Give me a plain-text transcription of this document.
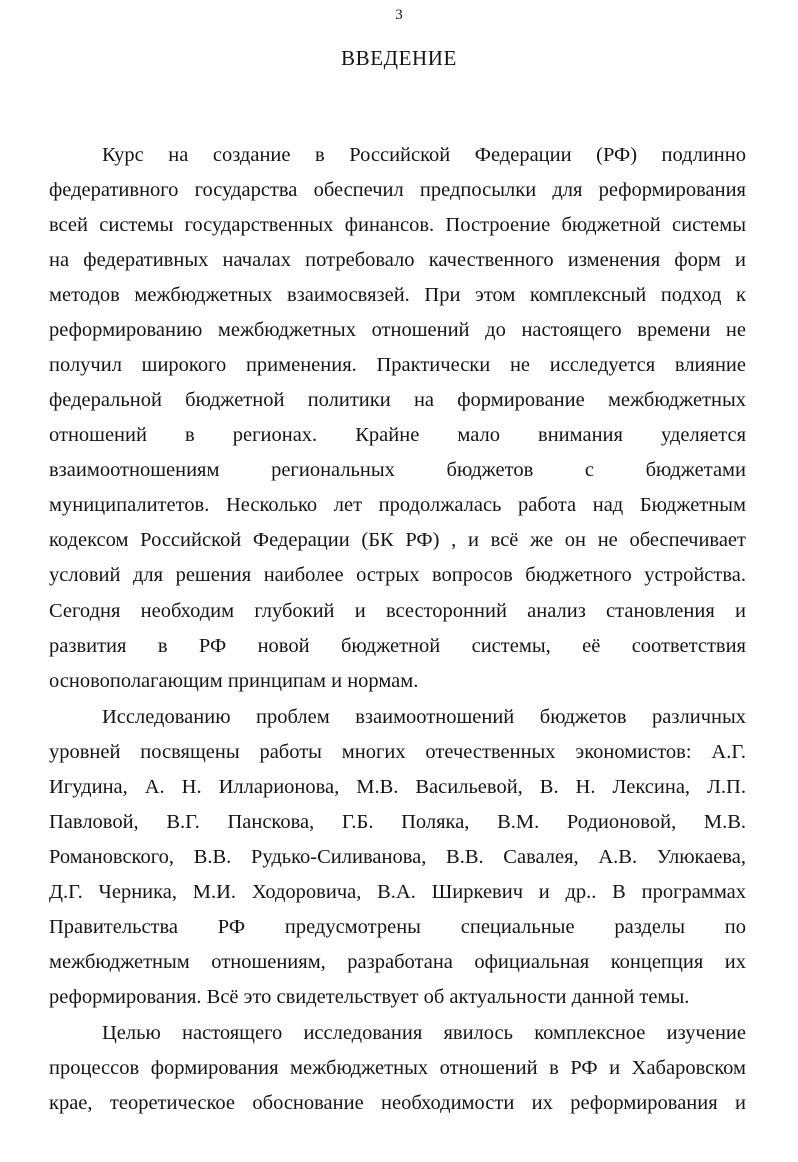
3
ВВЕДЕНИЕ
Курс на создание в Российской Федерации (РФ) подлинно
федеративного государства обеспечил предпосылки для реформирования
всей системы государственных финансов. Построение бюджетной системы
на федеративных началах потребовало качественного изменения форм и
методов межбюджетных взаимосвязей. При этом комплексный подход к
реформированию межбюджетных отношений до настоящего времени не
получил широкого применения. Практически не исследуется влияние
федеральной бюджетной политики на формирование межбюджетных
отношений в регионах. Крайне мало внимания уделяется
взаимоотношениям региональных бюджетов с бюджетами
муниципалитетов. Несколько лет продолжалась работа над Бюджетным
кодексом Российской Федерации (БК РФ) , и всё же он не обеспечивает
условий для решения наиболее острых вопросов бюджетного устройства.
Сегодня необходим глубокий и всесторонний анализ становления и
развития в РФ новой бюджетной системы, её соответствия
основополагающим принципам и нормам.
Исследованию проблем взаимоотношений бюджетов различных
уровней посвящены работы многих отечественных экономистов: А.Г.
Игудина, А. Н. Илларионова, М.В. Васильевой, В. Н. Лексина, Л.П.
Павловой, В.Г. Панскова, Г.Б. Поляка, В.М. Родионовой, М.В.
Романовского, В.В. Рудько-Силиванова, В.В. Савалея, А.В. Улюкаева,
Д.Г. Черника, М.И. Ходоровича, В.А. Ширкевич и др.. В программах
Правительства РФ предусмотрены специальные разделы по
межбюджетным отношениям, разработана официальная концепция их
реформирования. Всё это свидетельствует об актуальности данной темы.
Целью настоящего исследования явилось комплексное изучение
процессов формирования межбюджетных отношений в РФ и Хабаровском
крае, теоретическое обоснование необходимости их реформирования и
